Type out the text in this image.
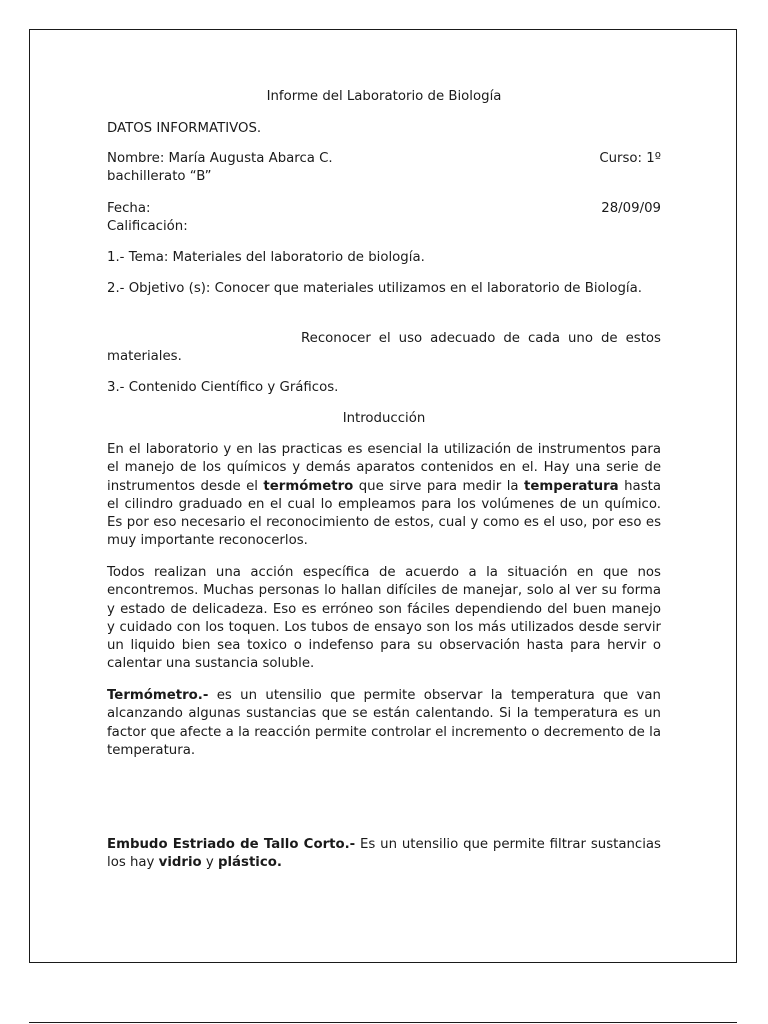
Informe del Laboratorio de Biología

DATOS INFORMATIVOS.

Nombre: María Augusta Abarca C.	Curso: 1º
bachillerato “B”
Fecha:	28/09/09
Calificación:

1.- Tema: Materiales del laboratorio de biología.

2.- Objetivo (s): Conocer que materiales utilizamos en el laboratorio de Biología.

Reconocer el uso adecuado de cada uno de estos materiales.

3.- Contenido Científico y Gráficos.

Introducción

En el laboratorio y en las practicas es esencial la utilización de instrumentos para el manejo de los químicos y demás aparatos contenidos en el. Hay una serie de instrumentos desde el termómetro que sirve para medir la temperatura hasta el cilindro graduado en el cual lo empleamos para los volúmenes de un químico. Es por eso necesario el reconocimiento de estos, cual y como es el uso, por eso es muy importante reconocerlos.

Todos realizan una acción específica de acuerdo a la situación en que nos encontremos. Muchas personas lo hallan difíciles de manejar, solo al ver su forma y estado de delicadeza. Eso es erróneo son fáciles dependiendo del buen manejo y cuidado con los toquen. Los tubos de ensayo son los más utilizados desde servir un liquido bien sea toxico o indefenso para su observación hasta para hervir o calentar una sustancia soluble.

Termómetro.- es un utensilio que permite observar la temperatura que van alcanzando algunas sustancias que se están calentando. Si la temperatura es un factor que afecte a la reacción permite controlar el incremento o decremento de la temperatura.

Embudo Estriado de Tallo Corto.- Es un utensilio que permite filtrar sustancias los hay vidrio y plástico.
